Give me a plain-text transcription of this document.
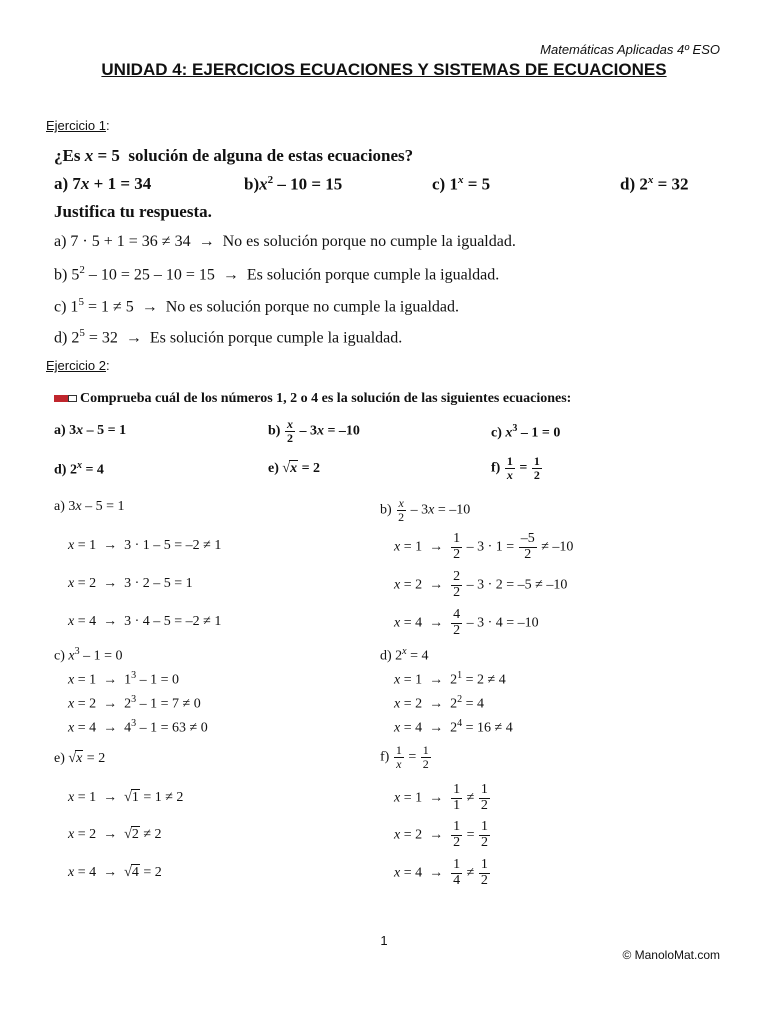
Matemáticas Aplicadas 4º ESO
UNIDAD 4: EJERCICIOS ECUACIONES Y SISTEMAS DE ECUACIONES
Ejercicio 1:
¿Es x = 5  solución de alguna de estas ecuaciones?
a) 7x + 1 = 34	$b)x^2 - 10 = 15$	c) $1^x = 5$	d) $2^x = 32$
Justifica tu respuesta.
a) 7 · 5 + 1 = 36 ≠ 34  →  No es solución porque no cumple la igualdad.
b) $5^2 - 10 = 25 - 10 = 15 \to Es$ solución porque cumple la igualdad.
c) $1^5 = 1 \ne 5 \to No$ es solución porque no cumple la igualdad.
d) $2^5 = 32 \to Es$ solución porque cumple la igualdad.
Ejercicio 2:
Comprueba cuál de los números 1, 2 o 4 es la solución de las siguientes ecuaciones:
a) 3x – 5 = 1	$b) \frac{x}{2} - 3x = -10$	c) $x^3 - 1 = 0$
d) $2^x = 4$	e) √ x = 2	$f) \frac{1}{x} = \frac{1}{2}$
a) 3x – 5 = 1
x = 1  →  3 · 1 – 5 = –2 ≠ 1
x = 2  →  3 · 2 – 5 = 1
x = 4  →  3 · 4 – 5 = –2 ≠ 1
$b) \frac{x}{2} - 3x = -10$
$x = 1 \to \frac{1}{2} - 3 \cdot 1 = \frac{-5}{2} \ne -10$
$x = 2 \to \frac{2}{2} - 3 \cdot 2 = -5 \ne -10$
$x = 4 \to \frac{4}{2} - 3 \cdot 4 = -10$
c) $x^3 - 1 = 0$
$x = 1 \to 1^3 - 1 = 0$
$x = 2 \to 2^3 - 1 = 7 \ne 0$
$x = 4 \to 4^3 - 1 = 63 \ne 0$
d) $2^x = 4$
$x = 1 \to 2^1 = 2 \ne 4$
$x = 2 \to 2^2 = 4$
$x = 4 \to 2^4 = 16 \ne 4$
e) √ x = 2
x = 1  →  √ 1 = 1 ≠ 2
x = 2  →  √ 2 ≠ 2
x = 4  →  √ 4 = 2
$f) \frac{1}{x} = \frac{1}{2}$
$x = 1 \to \frac{1}{1} \ne \frac{1}{2}$
$x = 2 \to \frac{1}{2} = \frac{1}{2}$
$x = 4 \to \frac{1}{4} \ne \frac{1}{2}$
1
© ManoloMat.com
